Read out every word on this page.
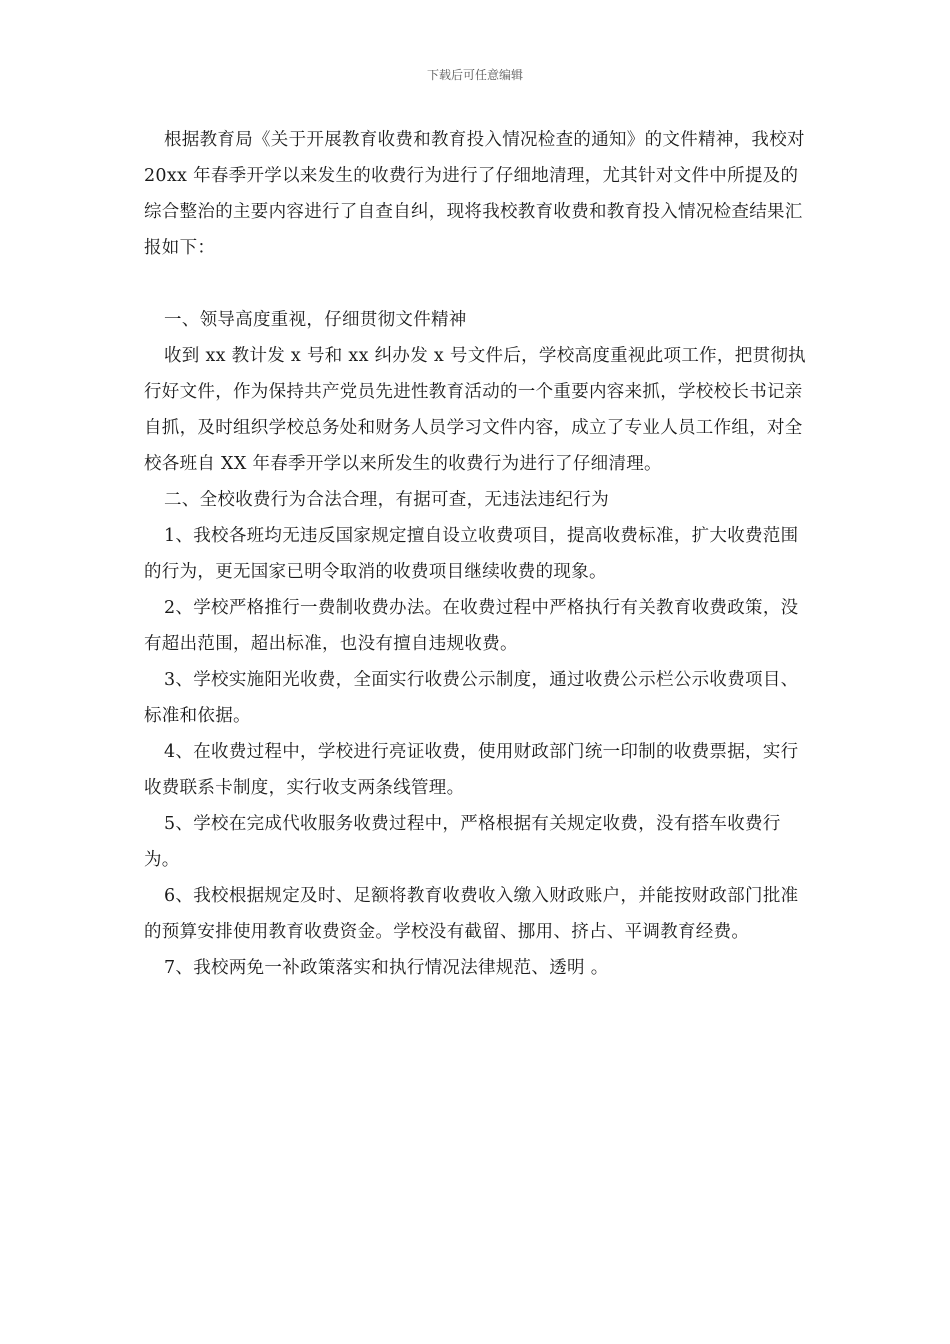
下载后可任意编辑

根据教育局《关于开展教育收费和教育投入情况检查的通知》的文件精神，我校对 20xx 年春季开学以来发生的收费行为进行了仔细地清理，尤其针对文件中所提及的综合整治的主要内容进行了自查自纠，现将我校教育收费和教育投入情况检查结果汇报如下：

一、领导高度重视，仔细贯彻文件精神

收到 xx 教计发 x 号和 xx 纠办发 x 号文件后，学校高度重视此项工作，把贯彻执行好文件，作为保持共产党员先进性教育活动的一个重要内容来抓，学校校长书记亲自抓，及时组织学校总务处和财务人员学习文件内容，成立了专业人员工作组，对全校各班自 XX 年春季开学以来所发生的收费行为进行了仔细清理。

二、全校收费行为合法合理，有据可查，无违法违纪行为

1、我校各班均无违反国家规定擅自设立收费项目，提高收费标准，扩大收费范围的行为，更无国家已明令取消的收费项目继续收费的现象。

2、学校严格推行一费制收费办法。在收费过程中严格执行有关教育收费政策，没有超出范围，超出标准，也没有擅自违规收费。

3、学校实施阳光收费，全面实行收费公示制度，通过收费公示栏公示收费项目、标准和依据。

4、在收费过程中，学校进行亮证收费，使用财政部门统一印制的收费票据，实行收费联系卡制度，实行收支两条线管理。

5、学校在完成代收服务收费过程中，严格根据有关规定收费，没有搭车收费行为。

6、我校根据规定及时、足额将教育收费收入缴入财政账户，并能按财政部门批准的预算安排使用教育收费资金。学校没有截留、挪用、挤占、平调教育经费。

7、我校两免一补政策落实和执行情况法律规范、透明 。
